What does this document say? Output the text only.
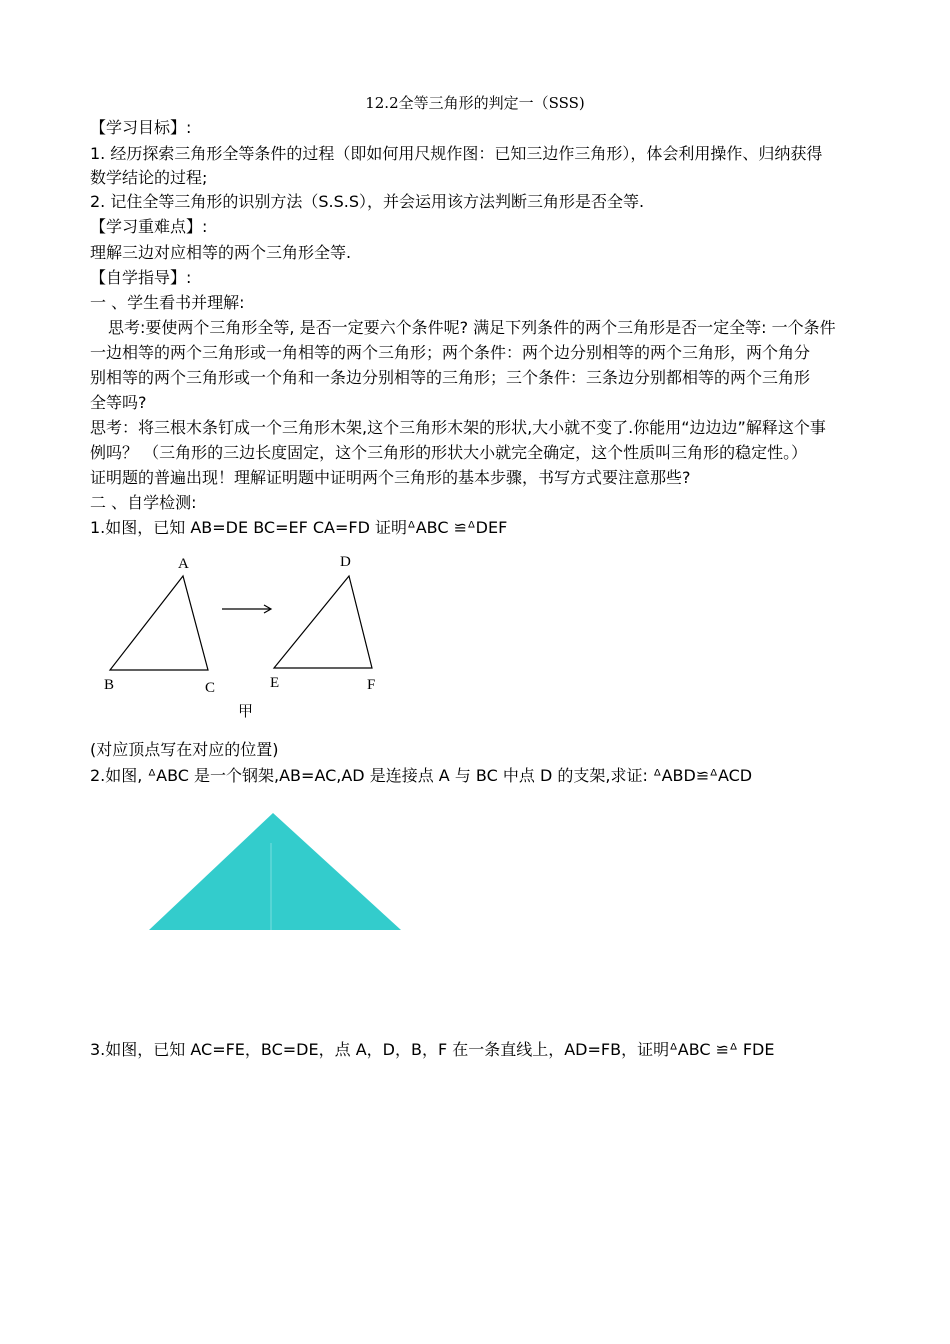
12.2全等三角形的判定一（SSS)
【学习目标】:
1. 经历探索三角形全等条件的过程（即如何用尺规作图：已知三边作三角形），体会利用操作、归纳获得
数学结论的过程;
2. 记住全等三角形的识别方法（S.S.S），并会运用该方法判断三角形是否全等.
【学习重难点】:
理解三边对应相等的两个三角形全等.
【自学指导】:
一 、学生看书并理解:
思考:要使两个三角形全等, 是否一定要六个条件呢? 满足下列条件的两个三角形是否一定全等: 一个条件
一边相等的两个三角形或一角相等的两个三角形；两个条件：两个边分别相等的两个三角形，两个角分
别相等的两个三角形或一个角和一条边分别相等的三角形；三个条件：三条边分别都相等的两个三角形
全等吗?
思考：将三根木条钉成一个三角形木架,这个三角形木架的形状,大小就不变了.你能用“边边边”解释这个事
例吗？ （三角形的三边长度固定，这个三角形的形状大小就完全确定，这个性质叫三角形的稳定性。）
证明题的普遍出现！理解证明题中证明两个三角形的基本步骤，书写方式要注意那些?
二 、自学检测:
1.如图，已知 AB=DE BC=EF CA=FD 证明ᐞABC ≌ᐞDEF
A
B	C
D
E	F
甲
(对应顶点写在对应的位置)
2.如图, ᐞABC 是一个钢架,AB=AC,AD 是连接点 A 与 BC 中点 D 的支架,求证: ᐞABD≌ᐞACD
3.如图，已知 AC=FE，BC=DE，点 A，D，B，F 在一条直线上，AD=FB，证明ᐞABC ≌ᐞ FDE
